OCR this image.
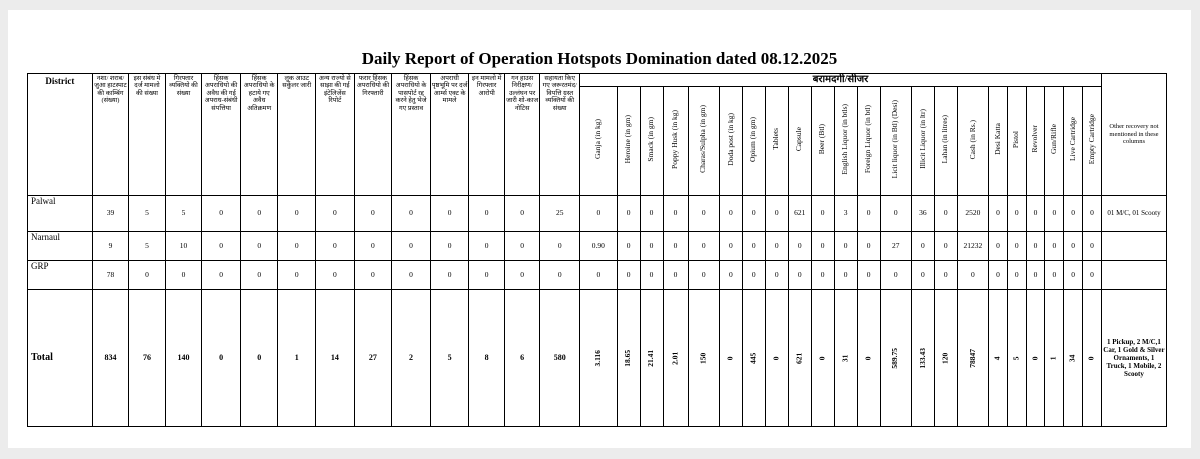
Daily Report of Operation Hotspots Domination dated 08.12.2025
District	नशा/ शराब/ जुआ हाटस्पाट की काम्बिंग (संख्या)	इस संबंध मे दर्ज मामलो की संख्या	गिरफ्तार व्यक्तियो की संख्या	हिंसक अपराधियो की अवैध की गई अपराध-संबंधी संपत्तिया	हिंसक अपराधियो के हटाये गए अवैध अतिक्रमण	लुक आउट सर्कुलर जारी	अन्य राज्यो से साझा की गई इंटेलिजेंस रिपोर्ट	फरार हिंसक अपराधियो की गिरफ्तारी	हिंसक अपराधियो के पासपोर्ट रद्द करने हेतु भेजे गए प्रस्ताव	अपराधी पृष्ठभूमि पर दर्ज आर्म्स एक्ट के मामले	इन मामलो में गिरफ्तार आरोपी	गन हाउस निरीक्षण/ उल्लंघन पर जारी शो-काज नोटिस	सहायता किए गए जरूरतमंद/ विपत्ति ग्रस्त व्यक्तियों की संख्या	बरामदगी/सीजर																						Other recovery not mentioned in these columns
														Ganja (in kg)	Heroine (in gm)	Smack (in gm)	Poppy Husk (in kg)	Charas/Sulpha (in gm)	Doda post (in kg)	Opium (in gm)	Tablets	Capsule	Beer (Btl)	English Liquor (in btls)	Foreign Liquor (in btl)	Licit liquor (in Btl) (Desi)	Illicit Liquor (in ltr)	Lahan (in litres)	Cash (in Rs.)	Desi Katta	Pistol	Revolver	Gun/Rifle	Live Cartridge	Empty Cartridge	
Palwal	39	5	5	0	0	0	0	0	0	0	0	0	25	0	0	0	0	0	0	0	0	621	0	3	0	0	36	0	2520	0	0	0	0	0	0	01 M/C, 01 Scooty
Narnaul	9	5	10	0	0	0	0	0	0	0	0	0	0	0.90	0	0	0	0	0	0	0	0	0	0	0	27	0	0	21232	0	0	0	0	0	0	
GRP	78	0	0	0	0	0	0	0	0	0	0	0	0	0	0	0	0	0	0	0	0	0	0	0	0	0	0	0	0	0	0	0	0	0	0	
Total	834	76	140	0	0	1	14	27	2	5	8	6	580	3.116	18.65	21.41	2.01	150	0	445	0	621	0	31	0	589.75	133.43	120	78847	4	5	0	1	34	0	1 Pickup, 2 M/C,1 Car, 1 Gold & Silver Ornaments, 1 Truck, 1 Mobile, 2 Scooty
